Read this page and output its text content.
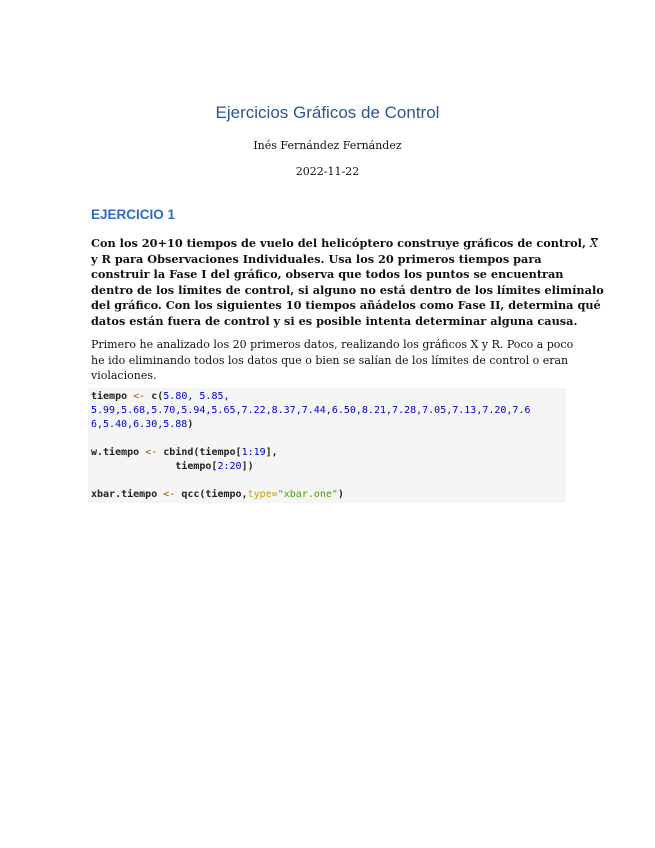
Ejercicios Gráficos de Control
Inés Fernández Fernández
2022-11-22
EJERCICIO 1
Con los 20+10 tiempos de vuelo del helicóptero construye gráficos de control, X
y R para Observaciones Individuales. Usa los 20 primeros tiempos para
construir la Fase I del gráfico, observa que todos los puntos se encuentran
dentro de los límites de control, si alguno no está dentro de los límites elimínalo
del gráfico. Con los siguientes 10 tiempos añádelos como Fase II, determina qué
datos están fuera de control y si es posible intenta determinar alguna causa.
Primero he analizado los 20 primeros datos, realizando los gráficos X y R. Poco a poco
he ido eliminando todos los datos que o bien se salían de los límites de control o eran
violaciones.
tiempo <- c(5.80, 5.85,
5.99,5.68,5.70,5.94,5.65,7.22,8.37,7.44,6.50,8.21,7.28,7.05,7.13,7.20,7.6
6,5.40,6.30,5.88)
w.tiempo <- cbind(tiempo[1:19],
tiempo[2:20])
xbar.tiempo <- qcc(tiempo,type="xbar.one")
